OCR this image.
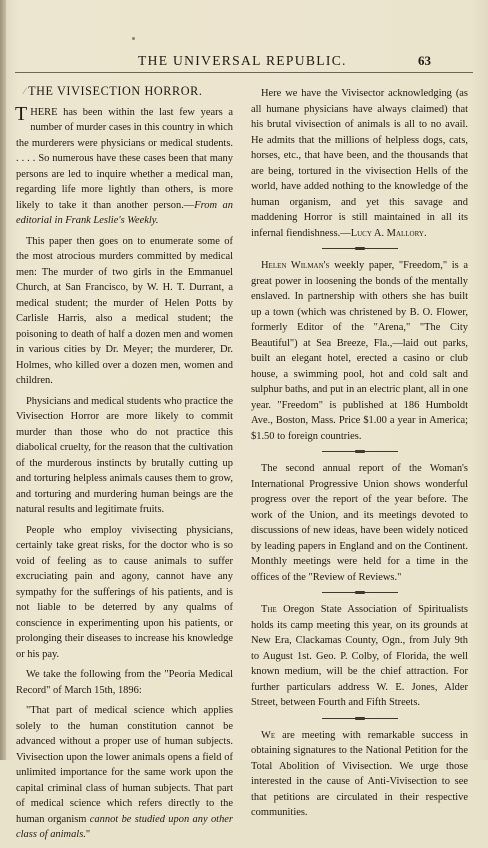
THE UNIVERSAL REPUBLIC.	63
⁄ THE VIVISECTION HORROR.

THERE has been within the last few years a number of murder cases in this country in which the murderers were physicians or medical students. . . . . So numerous have these cases been that many persons are led to inquire whether a medical man, regarding life more lightly than others, is more likely to take it than another person.—From an editorial in Frank Leslie's Weekly.

This paper then goes on to enumerate some of the most atrocious murders committed by medical men: The murder of two girls in the Emmanuel Church, at San Francisco, by W. H. T. Durrant, a medical student; the murder of Helen Potts by Carlisle Harris, also a medical student; the poisoning to death of half a dozen men and women in various cities by Dr. Meyer; the murderer, Dr. Holmes, who killed over a dozen men, women and children.

Physicians and medical students who practice the Vivisection Horror are more likely to commit murder than those who do not practice this diabolical cruelty, for the reason that the cultivation of the murderous instincts by brutally cutting up and torturing helpless animals causes them to grow, and torturing and murdering human beings are the natural results and legitimate fruits.

People who employ vivisecting physicians, certainly take great risks, for the doctor who is so void of feeling as to cause animals to suffer excruciating pain and agony, cannot have any sympathy for the sufferings of his patients, and is not liable to be deterred by any qualms of conscience in experimenting upon his patients, or prolonging their diseases to increase his knowledge or his pay.

We take the following from the "Peoria Medical Record" of March 15th, 1896:

"That part of medical science which applies solely to the human constitution cannot be advanced without a proper use of human subjects. Vivisection upon the lower animals opens a field of unlimited importance for the same work upon the capital criminal class of human subjects. That part of medical science which refers directly to the human organism cannot be studied upon any other class of animals."

Here we have the Vivisector acknowledging (as all humane physicians have always claimed) that his brutal vivisection of animals is all to no avail. He admits that the millions of helpless dogs, cats, horses, etc., that have been, and the thousands that are being, tortured in the vivisection Hells of the world, have added nothing to the knowledge of the human organism, and yet this savage and maddening Horror is still maintained in all its infernal fiendishness.—Lucy A. Mallory.

Helen Wilman's weekly paper, "Freedom," is a great power in loosening the bonds of the mentally enslaved. In partnership with others she has built up a town (which was christened by B. O. Flower, formerly Editor of the "Arena," "The City Beautiful") at Sea Breeze, Fla.,—laid out parks, built an elegant hotel, erected a casino or club house, a swimming pool, hot and cold salt and sulphur baths, and put in an electric plant, all in one year. "Freedom" is published at 186 Humboldt Ave., Boston, Mass. Price $1.00 a year in America; $1.50 to foreign countries.

The second annual report of the Woman's International Progressive Union shows wonderful progress over the report of the year before. The work of the Union, and its meetings devoted to discussions of new ideas, have been widely noticed by leading papers in England and on the Continent. Monthly meetings were held for a time in the offices of the "Review of Reviews."

The Oregon State Association of Spiritualists holds its camp meeting this year, on its grounds at New Era, Clackamas County, Ogn., from July 9th to August 1st. Geo. P. Colby, of Florida, the well known medium, will be the chief attraction. For further particulars address W. E. Jones, Alder Street, between Fourth and Fifth Streets.

We are meeting with remarkable success in obtaining signatures to the National Petition for the Total Abolition of Vivisection. We urge those interested in the cause of Anti-Vivisection to see that petitions are circulated in their respective communities.
